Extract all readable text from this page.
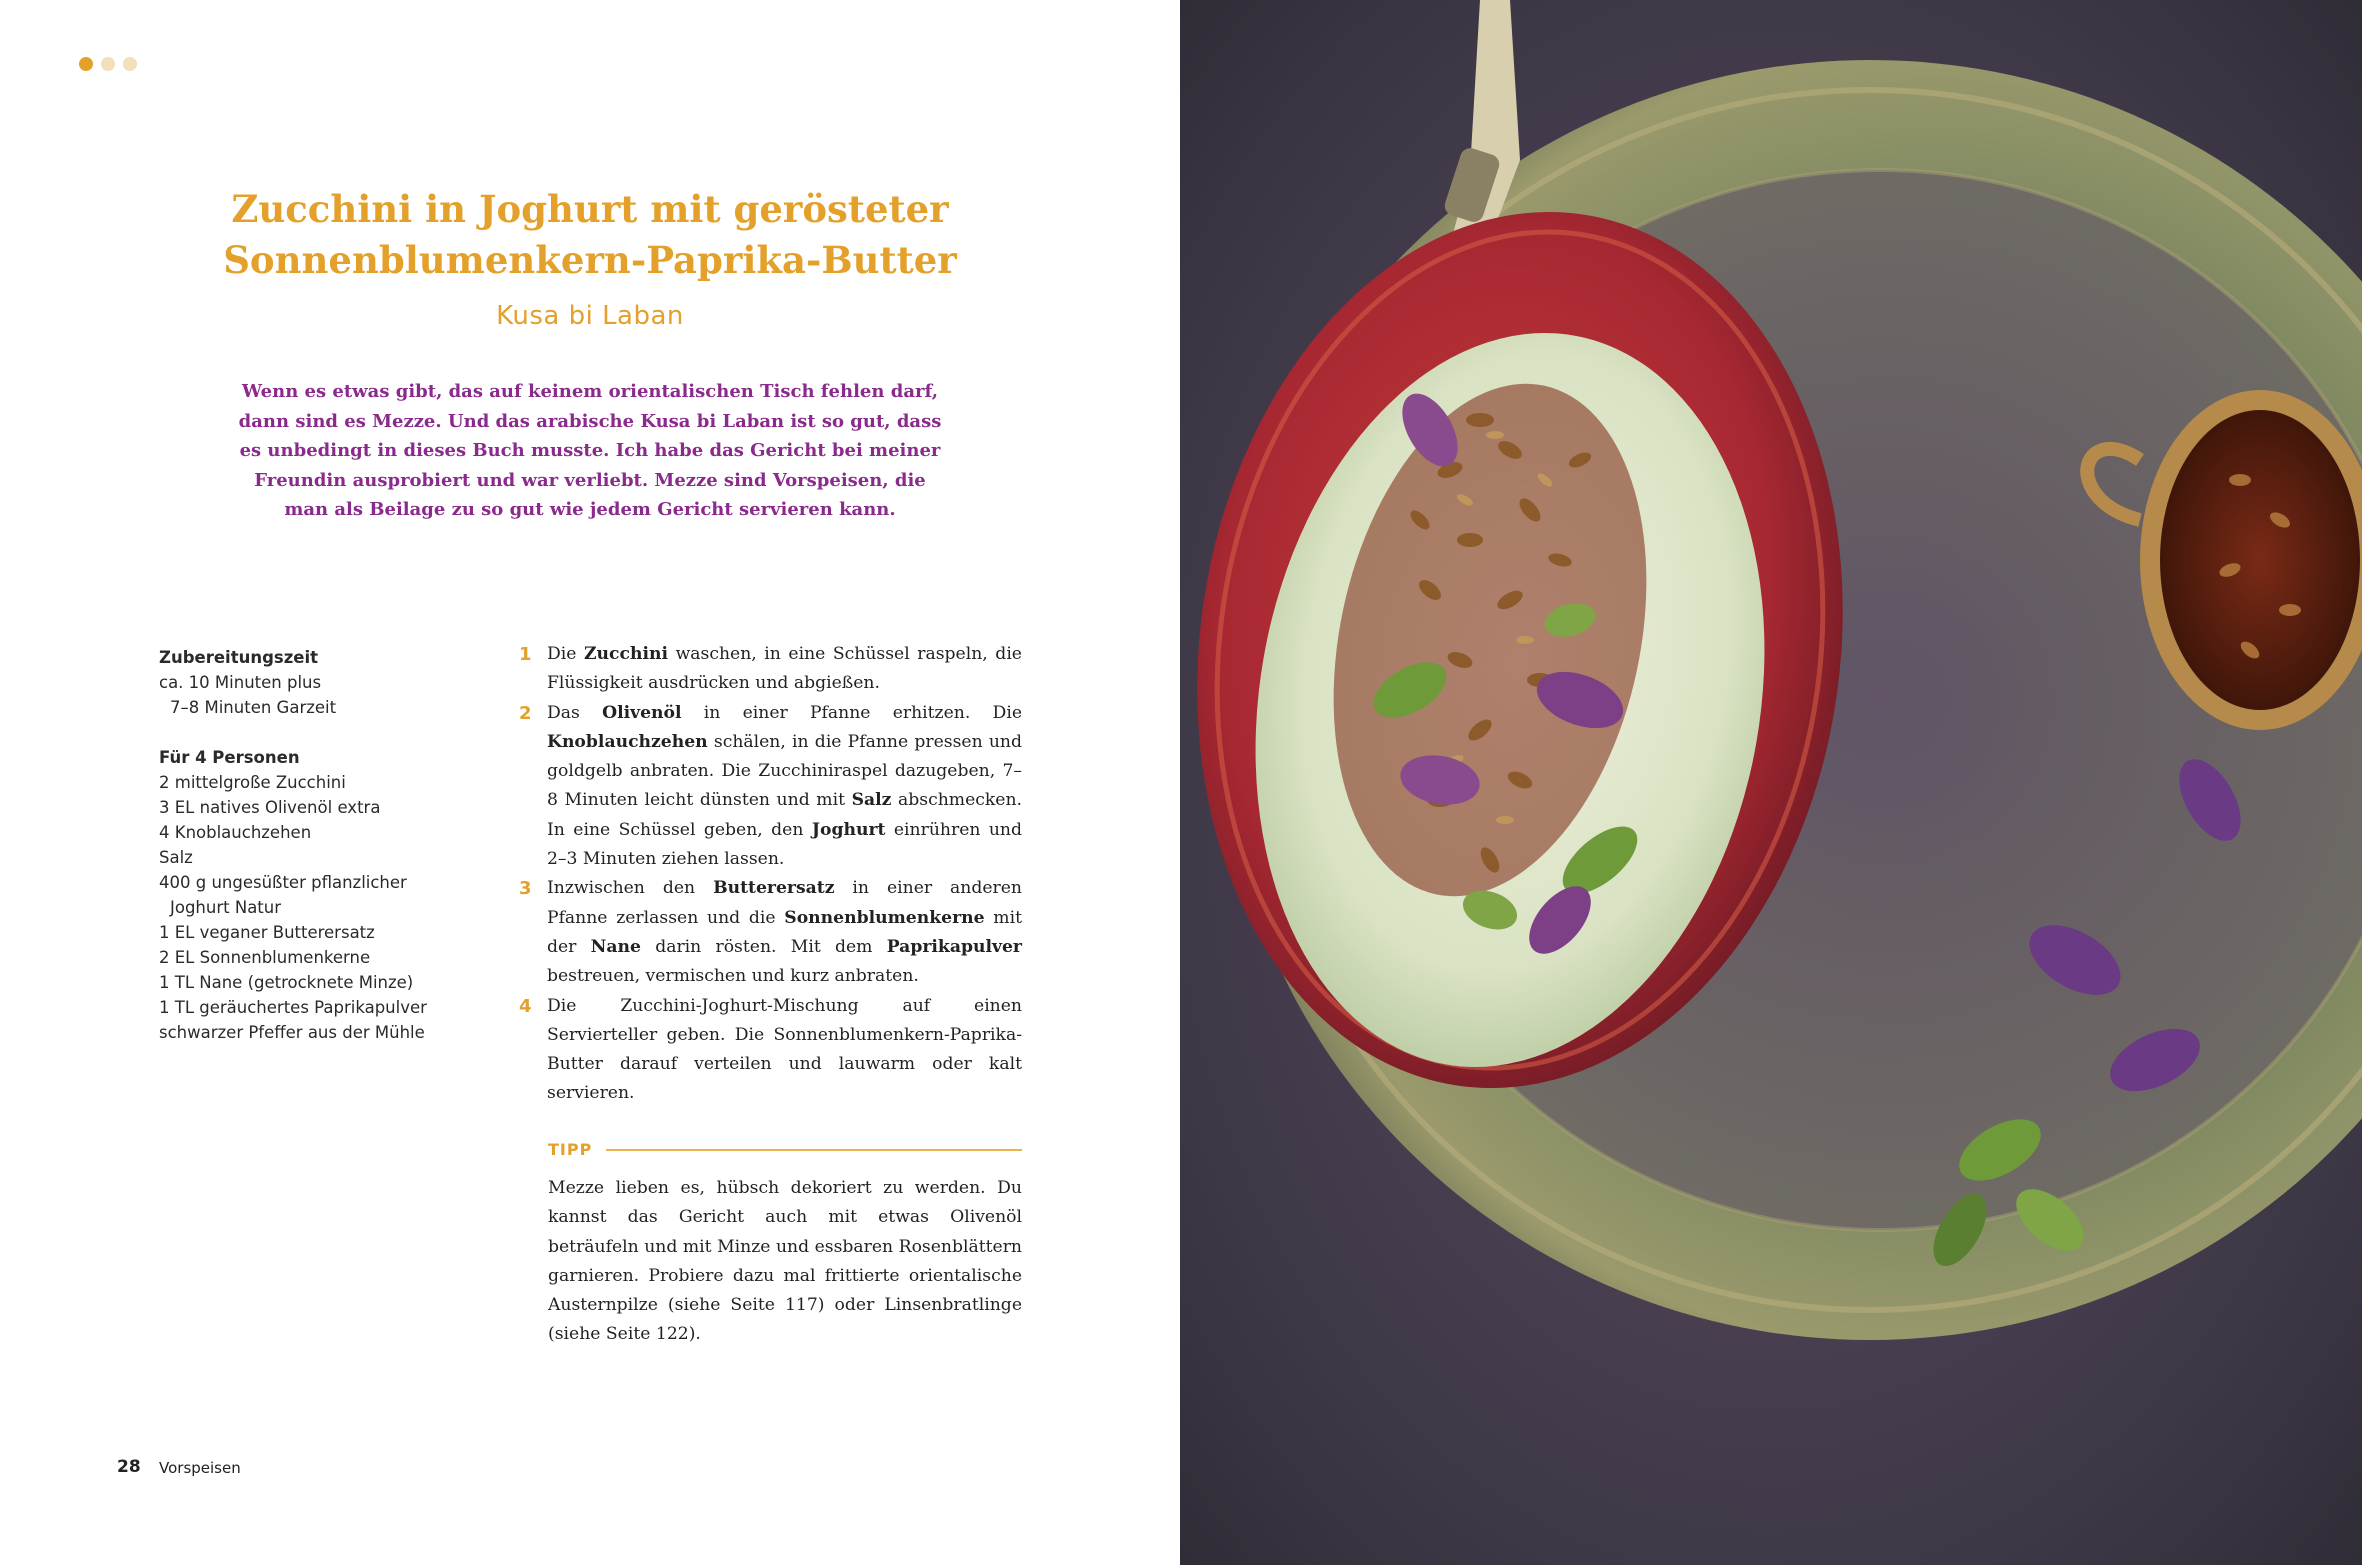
Zucchini in Joghurt mit gerösteter
Sonnenblumenkern-Paprika-Butter

Kusa bi Laban

Wenn es etwas gibt, das auf keinem orientalischen Tisch fehlen darf, dann sind es Mezze. Und das arabische Kusa bi Laban ist so gut, dass es unbedingt in dieses Buch musste. Ich habe das Gericht bei meiner Freundin ausprobiert und war verliebt. Mezze sind Vorspeisen, die man als Beilage zu so gut wie jedem Gericht servieren kann.

Zubereitungszeit
ca. 10 Minuten plus
7–8 Minuten Garzeit
Für 4 Personen
2 mittelgroße Zucchini
3 EL natives Olivenöl extra
4 Knoblauchzehen
Salz
400 g ungesüßter pflanzlicher
Joghurt Natur
1 EL veganer Butterersatz
2 EL Sonnenblumenkerne
1 TL Nane (getrocknete Minze)
1 TL geräuchertes Paprikapulver
schwarzer Pfeffer aus der Mühle
1 Die Zucchini waschen, in eine Schüssel raspeln, die Flüssigkeit ausdrücken und abgießen.
2 Das Olivenöl in einer Pfanne erhitzen. Die Knoblauchzehen schälen, in die Pfanne pressen und goldgelb anbraten. Die Zucchiniraspel dazugeben, 7–8 Minuten leicht dünsten und mit Salz abschmecken. In eine Schüssel geben, den Joghurt einrühren und 2–3 Minuten ziehen lassen.
3 Inzwischen den Butterersatz in einer anderen Pfanne zerlassen und die Sonnenblumenkerne mit der Nane darin rösten. Mit dem Paprikapulver bestreuen, vermischen und kurz anbraten.
4 Die Zucchini-Joghurt-Mischung auf einen Servierteller geben. Die Sonnenblumenkern-Paprika-Butter darauf verteilen und lauwarm oder kalt servieren.
TIPP

Mezze lieben es, hübsch dekoriert zu werden. Du kannst das Gericht auch mit etwas Olivenöl beträufeln und mit Minze und essbaren Rosenblättern garnieren. Probiere dazu mal frittierte orientalische Austernpilze (siehe Seite 117) oder Linsenbratlinge (siehe Seite 122).

28 Vorspeisen
